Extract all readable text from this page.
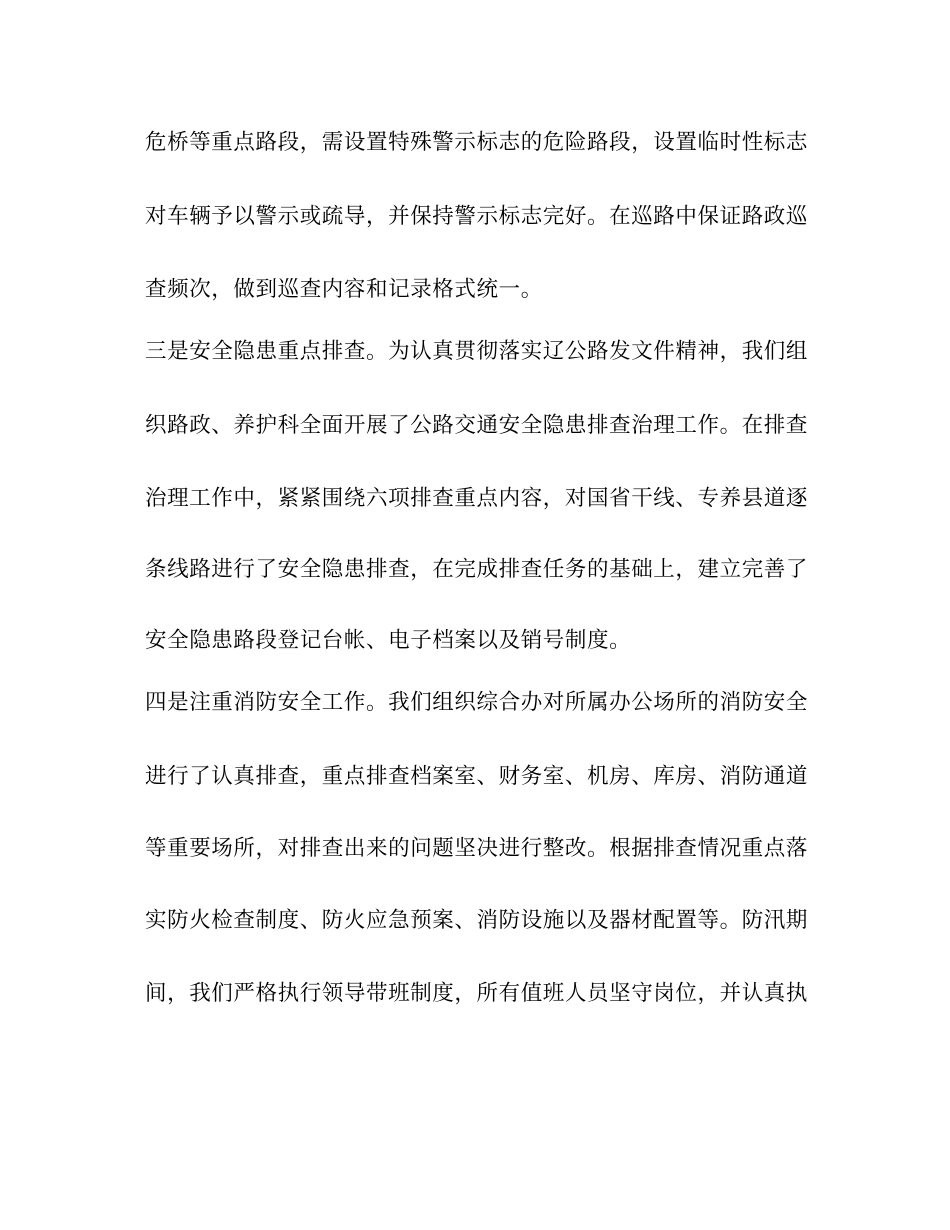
危桥等重点路段，需设置特殊警示标志的危险路段，设置临时性标志
对车辆予以警示或疏导，并保持警示标志完好。在巡路中保证路政巡
查频次，做到巡查内容和记录格式统一。
三是安全隐患重点排查。为认真贯彻落实辽公路发文件精神，我们组
织路政、养护科全面开展了公路交通安全隐患排查治理工作。在排查
治理工作中，紧紧围绕六项排查重点内容，对国省干线、专养县道逐
条线路进行了安全隐患排查，在完成排查任务的基础上，建立完善了
安全隐患路段登记台帐、电子档案以及销号制度。
四是注重消防安全工作。我们组织综合办对所属办公场所的消防安全
进行了认真排查，重点排查档案室、财务室、机房、库房、消防通道
等重要场所，对排查出来的问题坚决进行整改。根据排查情况重点落
实防火检查制度、防火应急预案、消防设施以及器材配置等。防汛期
间，我们严格执行领导带班制度，所有值班人员坚守岗位，并认真执
